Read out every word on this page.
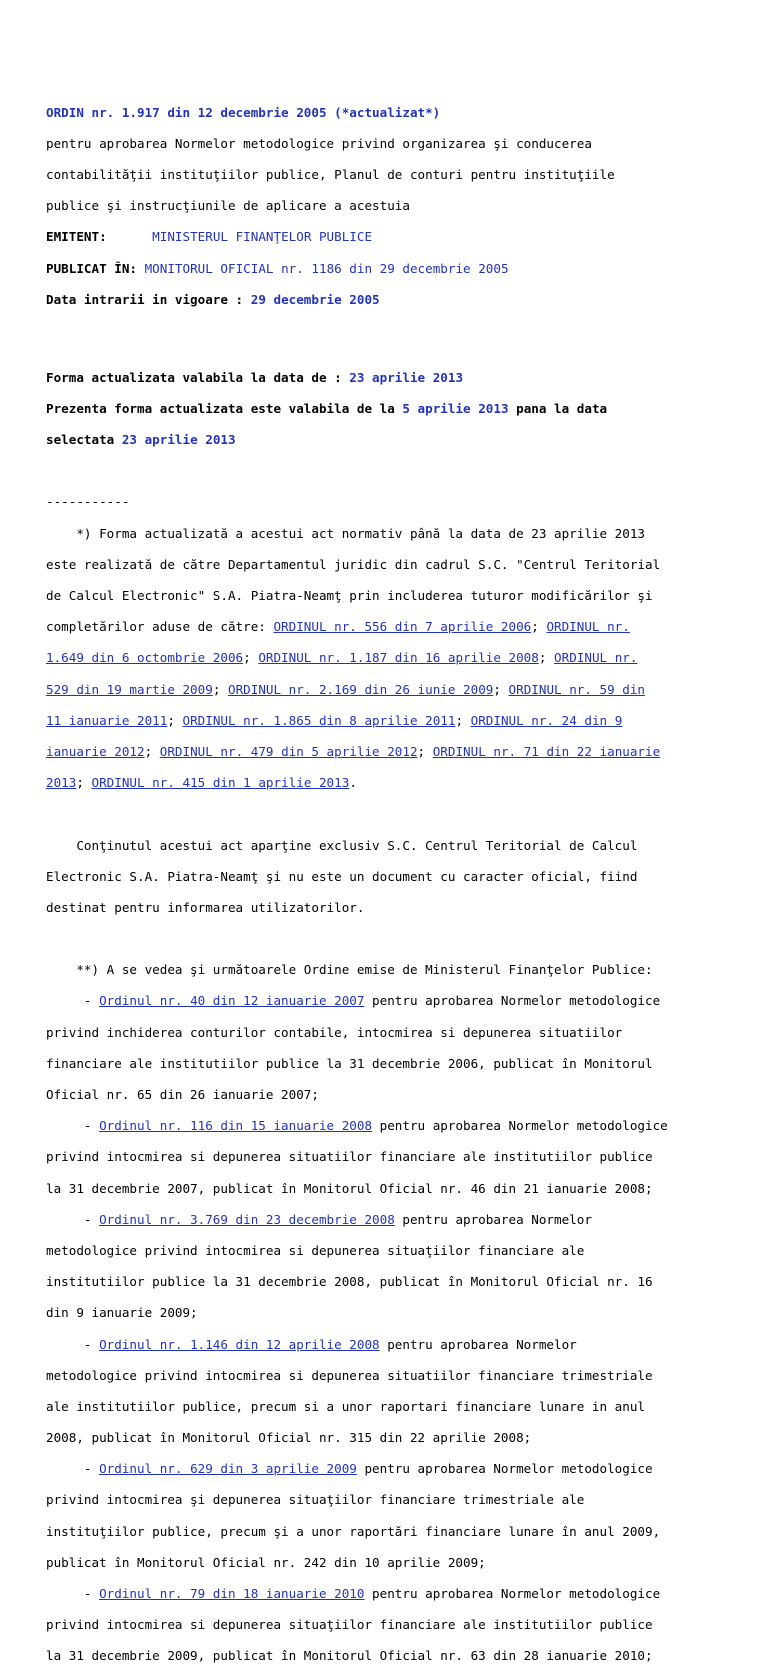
ORDIN nr. 1.917 din 12 decembrie 2005 (*actualizat*)

pentru aprobarea Normelor metodologice privind organizarea şi conducerea

contabilităţii instituţiilor publice, Planul de conturi pentru instituţiile

publice şi instrucţiunile de aplicare a acestuia

EMITENT:	MINISTERUL FINANŢELOR PUBLICE

PUBLICAT ÎN: MONITORUL OFICIAL nr. 1186 din 29 decembrie 2005

Data intrarii in vigoare : 29 decembrie 2005

Forma actualizata valabila la data de : 23 aprilie 2013

Prezenta forma actualizata este valabila de la 5 aprilie 2013 pana la data

selectata 23 aprilie 2013

-----------

*) Forma actualizată a acestui act normativ până la data de 23 aprilie 2013

este realizată de către Departamentul juridic din cadrul S.C. "Centrul Teritorial

de Calcul Electronic" S.A. Piatra-Neamţ prin includerea tuturor modificărilor şi

completărilor aduse de către: ORDINUL nr. 556 din 7 aprilie 2006; ORDINUL nr.

1.649 din 6 octombrie 2006; ORDINUL nr. 1.187 din 16 aprilie 2008; ORDINUL nr.

529 din 19 martie 2009; ORDINUL nr. 2.169 din 26 iunie 2009; ORDINUL nr. 59 din

11 ianuarie 2011; ORDINUL nr. 1.865 din 8 aprilie 2011; ORDINUL nr. 24 din 9

ianuarie 2012; ORDINUL nr. 479 din 5 aprilie 2012; ORDINUL nr. 71 din 22 ianuarie

2013; ORDINUL nr. 415 din 1 aprilie 2013.

Conţinutul acestui act aparţine exclusiv S.C. Centrul Teritorial de Calcul

Electronic S.A. Piatra-Neamţ şi nu este un document cu caracter oficial, fiind

destinat pentru informarea utilizatorilor.

**) A se vedea şi următoarele Ordine emise de Ministerul Finanţelor Publice:

- Ordinul nr. 40 din 12 ianuarie 2007 pentru aprobarea Normelor metodologice

privind inchiderea conturilor contabile, intocmirea si depunerea situatiilor

financiare ale institutiilor publice la 31 decembrie 2006, publicat în Monitorul

Oficial nr. 65 din 26 ianuarie 2007;

- Ordinul nr. 116 din 15 ianuarie 2008 pentru aprobarea Normelor metodologice

privind intocmirea si depunerea situatiilor financiare ale institutiilor publice

la 31 decembrie 2007, publicat în Monitorul Oficial nr. 46 din 21 ianuarie 2008;

- Ordinul nr. 3.769 din 23 decembrie 2008 pentru aprobarea Normelor

metodologice privind intocmirea si depunerea situaţiilor financiare ale

institutiilor publice la 31 decembrie 2008, publicat în Monitorul Oficial nr. 16

din 9 ianuarie 2009;

- Ordinul nr. 1.146 din 12 aprilie 2008 pentru aprobarea Normelor

metodologice privind intocmirea si depunerea situatiilor financiare trimestriale

ale institutiilor publice, precum si a unor raportari financiare lunare in anul

2008, publicat în Monitorul Oficial nr. 315 din 22 aprilie 2008;

- Ordinul nr. 629 din 3 aprilie 2009 pentru aprobarea Normelor metodologice

privind intocmirea şi depunerea situaţiilor financiare trimestriale ale

instituţiilor publice, precum şi a unor raportări financiare lunare în anul 2009,

publicat în Monitorul Oficial nr. 242 din 10 aprilie 2009;

- Ordinul nr. 79 din 18 ianuarie 2010 pentru aprobarea Normelor metodologice

privind intocmirea si depunerea situaţiilor financiare ale institutiilor publice

la 31 decembrie 2009, publicat în Monitorul Oficial nr. 63 din 28 ianuarie 2010;
